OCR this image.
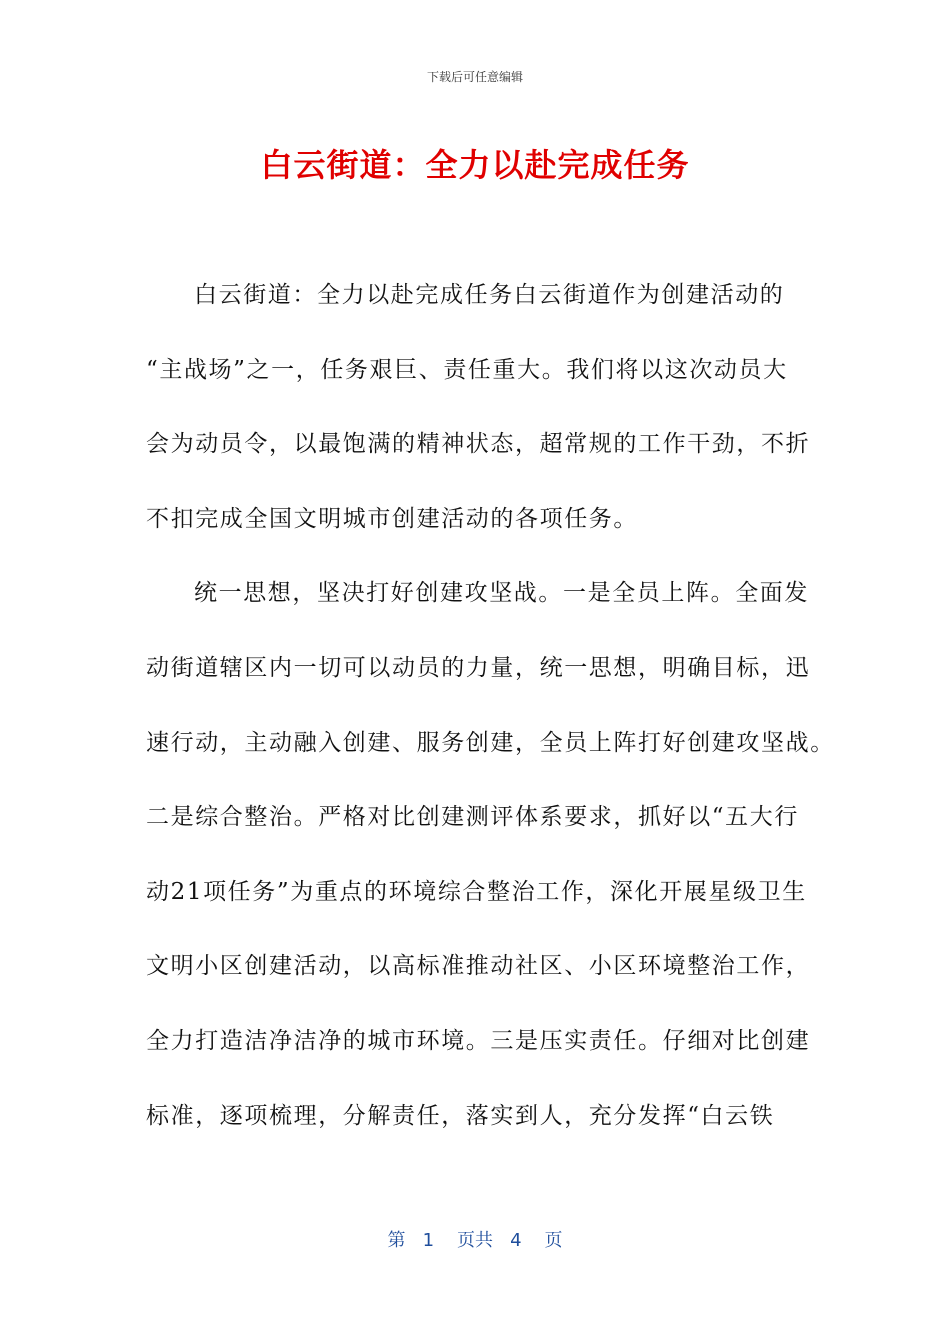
下载后可任意编辑
白云街道：全力以赴完成任务
白云街道：全力以赴完成任务白云街道作为创建活动的
“主战场”之一，任务艰巨、责任重大。我们将以这次动员大
会为动员令，以最饱满的精神状态，超常规的工作干劲，不折
不扣完成全国文明城市创建活动的各项任务。
统一思想，坚决打好创建攻坚战。一是全员上阵。全面发
动街道辖区内一切可以动员的力量，统一思想，明确目标，迅
速行动，主动融入创建、服务创建，全员上阵打好创建攻坚战。
二是综合整治。严格对比创建测评体系要求，抓好以“五大行
动21项任务”为重点的环境综合整治工作，深化开展星级卫生
文明小区创建活动，以高标准推动社区、小区环境整治工作，
全力打造洁净洁净的城市环境。三是压实责任。仔细对比创建
标准，逐项梳理，分解责任，落实到人，充分发挥“白云铁
第 1 页共 4 页
